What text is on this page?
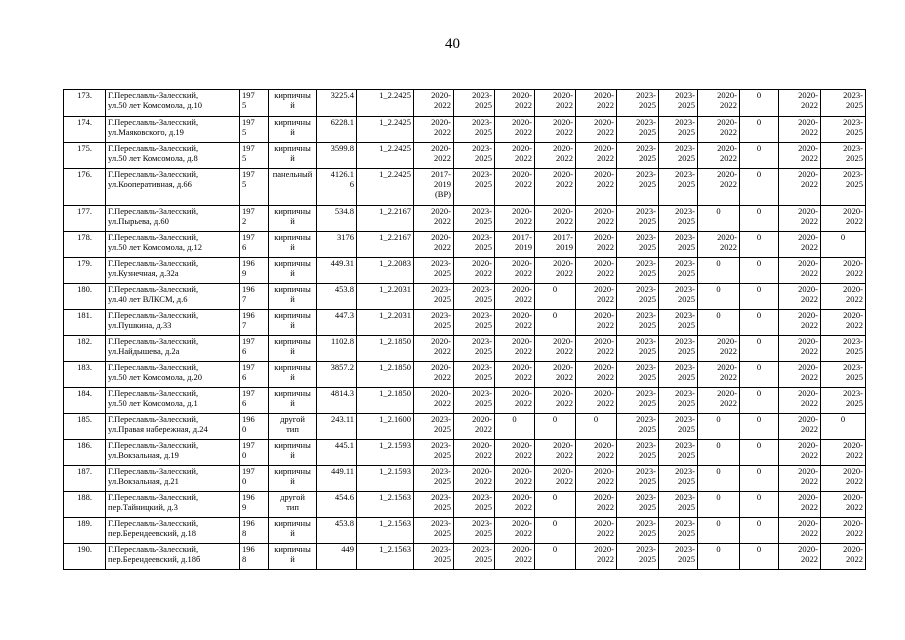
40
173.	Г.Переславль-Залесский,
ул.50 лет Комсомола, д.10	197
5	кирпичны
й	3225.4	1_2.2425	2020-
2022	2023-
2025	2020-
2022	2020-
2022	2020-
2022	2023-
2025	2023-
2025	2020-
2022	0	2020-
2022	2023-
2025

174.	Г.Переславль-Залесский,
ул.Маяковского, д.19	197
5	кирпичны
й	6228.1	1_2.2425	2020-
2022	2023-
2025	2020-
2022	2020-
2022	2020-
2022	2023-
2025	2023-
2025	2020-
2022	0	2020-
2022	2023-
2025

175.	Г.Переславль-Залесский,
ул.50 лет Комсомола, д.8	197
5	кирпичны
й	3599.8	1_2.2425	2020-
2022	2023-
2025	2020-
2022	2020-
2022	2020-
2022	2023-
2025	2023-
2025	2020-
2022	0	2020-
2022	2023-
2025

176.	Г.Переславль-Залесский,
ул.Кооперативная, д.66	197
5	панельный	4126.1
6	1_2.2425	2017-
2019
(ВР)	2023-
2025	2020-
2022	2020-
2022	2020-
2022	2023-
2025	2023-
2025	2020-
2022	0	2020-
2022	2023-
2025

177.	Г.Переславль-Залесский,
ул.Пырьева, д.60	197
2	кирпичны
й	534.8	1_2.2167	2020-
2022	2023-
2025	2020-
2022	2020-
2022	2020-
2022	2023-
2025	2023-
2025	0	0	2020-
2022	2020-
2022

178.	Г.Переславль-Залесский,
ул.50 лет Комсомола, д.12	197
6	кирпичны
й	3176	1_2.2167	2020-
2022	2023-
2025	2017-
2019	2017-
2019	2020-
2022	2023-
2025	2023-
2025	2020-
2022	0	2020-
2022	0

179.	Г.Переславль-Залесский,
ул.Кузнечная, д.32а	196
9	кирпичны
й	449.31	1_2.2083	2023-
2025	2020-
2022	2020-
2022	2020-
2022	2020-
2022	2023-
2025	2023-
2025	0	0	2020-
2022	2020-
2022

180.	Г.Переславль-Залесский,
ул.40 лет ВЛКСМ, д.6	196
7	кирпичны
й	453.8	1_2.2031	2023-
2025	2023-
2025	2020-
2022	0	2020-
2022	2023-
2025	2023-
2025	0	0	2020-
2022	2020-
2022

181.	Г.Переславль-Залесский,
ул.Пушкина, д.33	196
7	кирпичны
й	447.3	1_2.2031	2023-
2025	2023-
2025	2020-
2022	0	2020-
2022	2023-
2025	2023-
2025	0	0	2020-
2022	2020-
2022

182.	Г.Переславль-Залесский,
ул.Найдышева, д.2а	197
6	кирпичны
й	1102.8	1_2.1850	2020-
2022	2023-
2025	2020-
2022	2020-
2022	2020-
2022	2023-
2025	2023-
2025	2020-
2022	0	2020-
2022	2023-
2025

183.	Г.Переславль-Залесский,
ул.50 лет Комсомола, д.20	197
6	кирпичны
й	3857.2	1_2.1850	2020-
2022	2023-
2025	2020-
2022	2020-
2022	2020-
2022	2023-
2025	2023-
2025	2020-
2022	0	2020-
2022	2023-
2025

184.	Г.Переславль-Залесский,
ул.50 лет Комсомола, д.1	197
6	кирпичны
й	4814.3	1_2.1850	2020-
2022	2023-
2025	2020-
2022	2020-
2022	2020-
2022	2023-
2025	2023-
2025	2020-
2022	0	2020-
2022	2023-
2025

185.	Г.Переславль-Залесский,
ул.Правая набережная, д.24	196
0	другой
тип	243.11	1_2.1600	2023-
2025	2020-
2022	0	0	0	2023-
2025	2023-
2025	0	0	2020-
2022	0

186.	Г.Переславль-Залесский,
ул.Вокзальная, д.19	197
0	кирпичны
й	445.1	1_2.1593	2023-
2025	2020-
2022	2020-
2022	2020-
2022	2020-
2022	2023-
2025	2023-
2025	0	0	2020-
2022	2020-
2022

187.	Г.Переславль-Залесский,
ул.Вокзальная, д.21	197
0	кирпичны
й	449.11	1_2.1593	2023-
2025	2020-
2022	2020-
2022	2020-
2022	2020-
2022	2023-
2025	2023-
2025	0	0	2020-
2022	2020-
2022

188.	Г.Переславль-Залесский,
пер.Тайницкий, д.3	196
9	другой
тип	454.6	1_2.1563	2023-
2025	2023-
2025	2020-
2022	0	2020-
2022	2023-
2025	2023-
2025	0	0	2020-
2022	2020-
2022

189.	Г.Переславль-Залесский,
пер.Берендеевский, д.18	196
8	кирпичны
й	453.8	1_2.1563	2023-
2025	2023-
2025	2020-
2022	0	2020-
2022	2023-
2025	2023-
2025	0	0	2020-
2022	2020-
2022

190.	Г.Переславль-Залесский,
пер.Берендеевский, д.18б	196
8	кирпичны
й	449	1_2.1563	2023-
2025	2023-
2025	2020-
2022	0	2020-
2022	2023-
2025	2023-
2025	0	0	2020-
2022	2020-
2022
